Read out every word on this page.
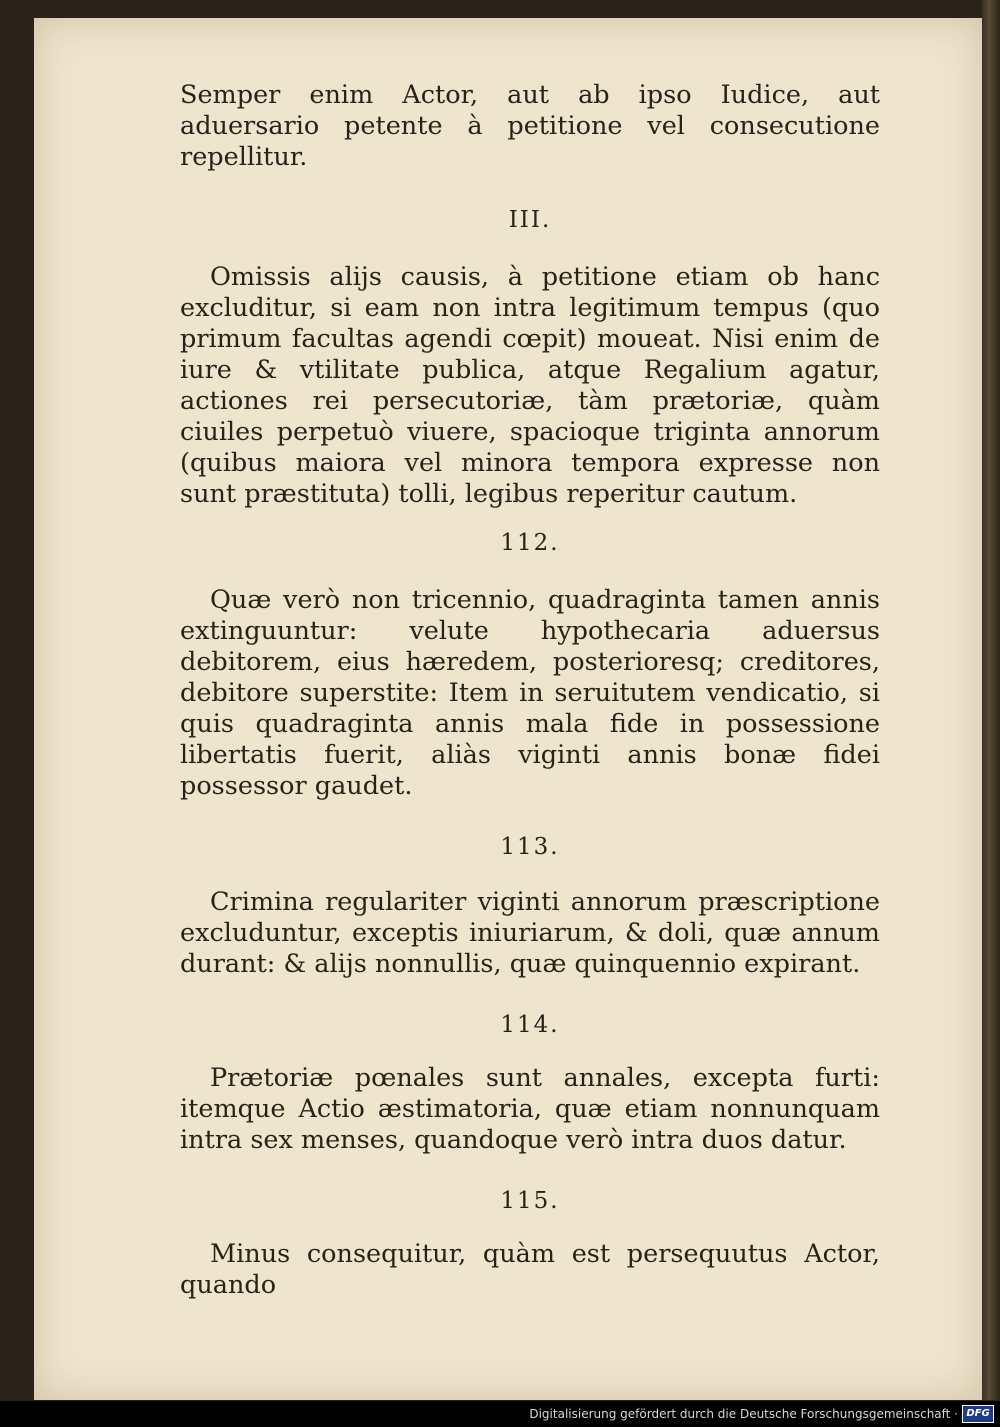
Semper enim Actor, aut ab ipso Iudice, aut aduersario petente à petitione vel consecutione repellitur.

III.

Omissis alijs causis, à petitione etiam ob hanc excluditur, si eam non intra legitimum tempus (quo primum facultas agendi cœpit) moueat. Nisi enim de iure & vtilitate publica, atque Regalium agatur, actiones rei persecutoriæ, tàm prætoriæ, quàm ciuiles perpetuò viuere, spacioque triginta annorum (quibus maiora vel minora tempora expresse non sunt præstituta) tolli, legibus reperitur cautum.

112.

Quæ verò non tricennio, quadraginta tamen annis extinguuntur: velute hypothecaria aduersus debitorem, eius hæredem, posterioresq; creditores, debitore superstite: Item in seruitutem vendicatio, si quis quadraginta annis mala fide in possessione libertatis fuerit, aliàs viginti annis bonæ fidei possessor gaudet.

113.

Crimina regulariter viginti annorum præscriptione excluduntur, exceptis iniuriarum, & doli, quæ annum durant: & alijs nonnullis, quæ quinquennio expirant.

114.

Prætoriæ pœnales sunt annales, excepta furti: itemque Actio æstimatoria, quæ etiam nonnunquam intra sex menses, quandoque verò intra duos datur.

115.

Minus consequitur, quàm est persequutus Actor, quando

Digitalisierung gefördert durch die Deutsche Forschungsgemeinschaft · DFG
